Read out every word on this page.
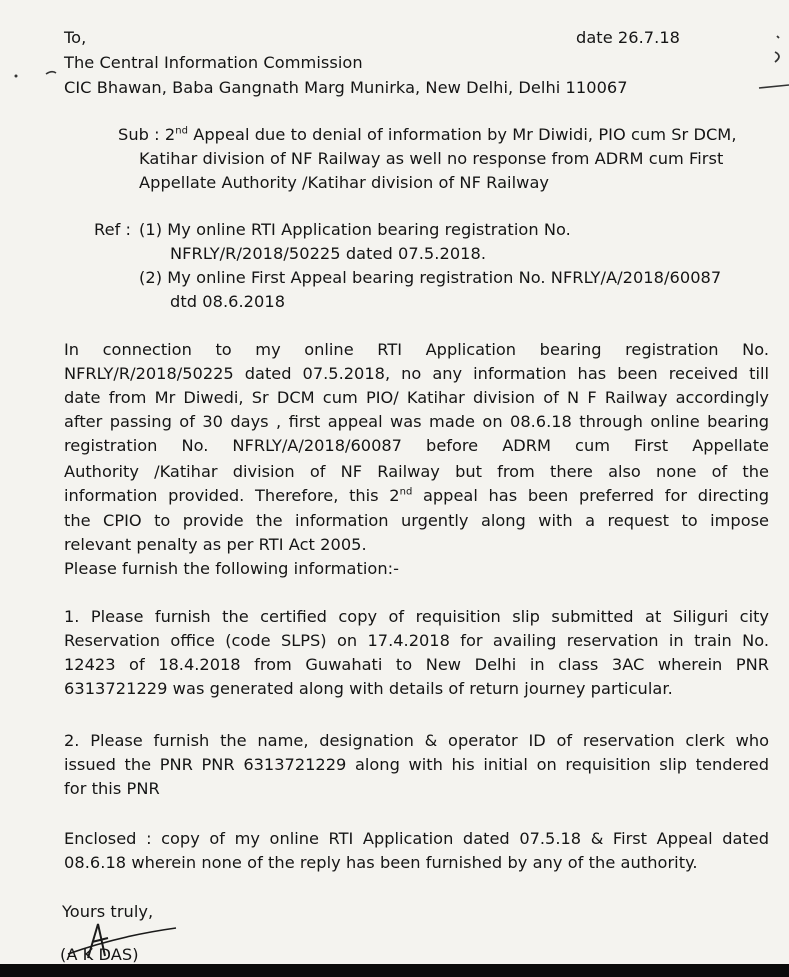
To,	date 26.7.18
The Central Information Commission
CIC Bhawan, Baba Gangnath Marg Munirka, New Delhi, Delhi 110067
Sub : 2nd Appeal due to denial of information by Mr Diwidi, PIO cum Sr DCM,
Katihar division of NF Railway as well no response from ADRM cum First
Appellate Authority /Katihar division of NF Railway
Ref : (1) My online RTI Application bearing registration No.
NFRLY/R/2018/50225 dated 07.5.2018.
(2) My online First Appeal bearing registration No. NFRLY/A/2018/60087
dtd 08.6.2018
In connection to my online RTI Application bearing registration No.
NFRLY/R/2018/50225 dated 07.5.2018, no any information has been received till
date from Mr Diwedi, Sr DCM cum PIO/ Katihar division of N F Railway accordingly
after passing of 30 days , first appeal was made on 08.6.18 through online bearing
registration No. NFRLY/A/2018/60087 before ADRM cum First Appellate
Authority /Katihar division of NF Railway but from there also none of the
information provided. Therefore, this 2nd appeal has been preferred for directing
the CPIO to provide the information urgently along with a request to impose
relevant penalty as per RTI Act 2005.
Please furnish the following information:-
1. Please furnish the certified copy of requisition slip submitted at Siliguri city
Reservation office (code SLPS) on 17.4.2018 for availing reservation in train No.
12423 of 18.4.2018 from Guwahati to New Delhi in class 3AC wherein PNR
6313721229 was generated along with details of return journey particular.
2. Please furnish the name, designation & operator ID of reservation clerk who
issued the PNR PNR 6313721229 along with his initial on requisition slip tendered
for this PNR
Enclosed : copy of my online RTI Application dated 07.5.18 & First Appeal dated
08.6.18 wherein none of the reply has been furnished by any of the authority.
Yours truly,
(A K DAS)
